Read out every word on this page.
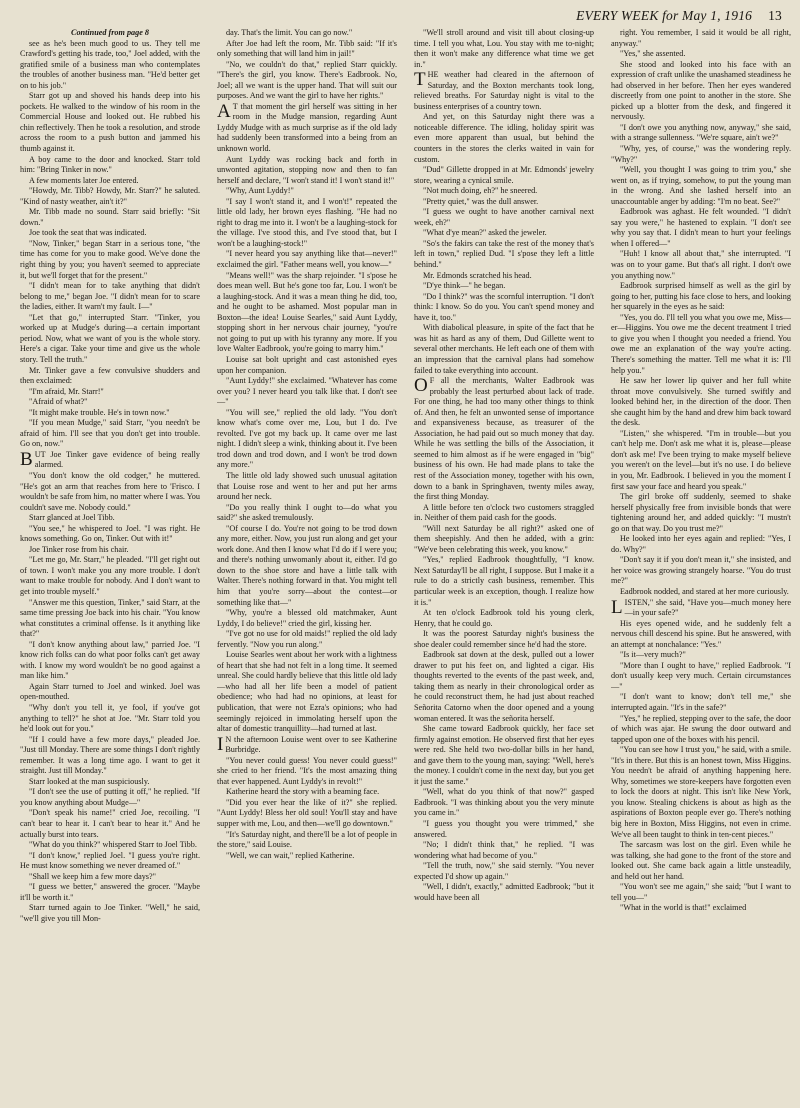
EVERY WEEK for May 1, 1916 13

Continued from page 8

see as he's been much good to us. They tell me Crawford's getting his trade, too," Joel added, with the gratified smile of a business man who contemplates the troubles of another business man. "He'd better get on to his job."

Starr got up and shoved his hands deep into his pockets. He walked to the window of his room in the Commercial House and looked out. He rubbed his chin reflectively. Then he took a resolution, and strode across the room to a push button and jammed his thumb against it.

A boy came to the door and knocked. Starr told him: "Bring Tinker in now."

A few moments later Joe entered.

"Howdy, Mr. Tibb? Howdy, Mr. Starr?" he saluted. "Kind of nasty weather, ain't it?"

Mr. Tibb made no sound. Starr said briefly: "Sit down."

Joe took the seat that was indicated.

"Now, Tinker," began Starr in a serious tone, "the time has come for you to make good. We've done the right thing by you; you haven't seemed to appreciate it, but we'll forget that for the present."

"I didn't mean for to take anything that didn't belong to me," began Joe. "I didn't mean for to scare the ladies, either. It warn't my fault. I—"

"Let that go," interrupted Starr. "Tinker, you worked up at Mudge's during—a certain important period. Now, what we want of you is the whole story. Here's a cigar. Take your time and give us the whole story. Tell the truth."

Mr. Tinker gave a few convulsive shudders and then exclaimed:

"I'm afraid, Mr. Starr!"

"Afraid of what?"

"It might make trouble. He's in town now."

"If you mean Mudge," said Starr, "you needn't be afraid of him. I'll see that you don't get into trouble. Go on, now."

BUT Joe Tinker gave evidence of being really alarmed.

"You don't know the old codger," he muttered. "He's got an arm that reaches from here to 'Frisco. I wouldn't be safe from him, no matter where I was. You couldn't save me. Nobody could."

Starr glanced at Joel Tibb.

"You see," he whispered to Joel. "I was right. He knows something. Go on, Tinker. Out with it!"

Joe Tinker rose from his chair.

"Let me go, Mr. Starr," he pleaded. "I'll get right out of town. I won't make you any more trouble. I don't want to make trouble for nobody. And I don't want to get into trouble myself."

"Answer me this question, Tinker," said Starr, at the same time pressing Joe back into his chair. "You know what constitutes a criminal offense. Is it anything like that?"

"I don't know anything about law," parried Joe. "I know rich folks can do what poor folks can't get away with. I know my word wouldn't be no good against a man like him."

Again Starr turned to Joel and winked. Joel was open-mouthed.

"Why don't you tell it, ye fool, if you've got anything to tell?" he shot at Joe. "Mr. Starr told you he'd look out for you."

"If I could have a few more days," pleaded Joe. "Just till Monday. There are some things I don't rightly remember. It was a long time ago. I want to get it straight. Just till Monday."

Starr looked at the man suspiciously.

"I don't see the use of putting it off," he replied. "If you know anything about Mudge—"

"Don't speak his name!" cried Joe, recoiling. "I can't bear to hear it. I can't bear to hear it." And he actually burst into tears.

"What do you think?" whispered Starr to Joel Tibb.

"I don't know," replied Joel. "I guess you're right. He must know something we never dreamed of."

"Shall we keep him a few more days?"

"I guess we better," answered the grocer. "Maybe it'll be worth it."

Starr turned again to Joe Tinker. "Well," he said, "we'll give you till Mon-

day. That's the limit. You can go now."

After Joe had left the room, Mr. Tibb said: "If it's only something that will land him in jail!"

"No, we couldn't do that," replied Starr quickly. "There's the girl, you know. There's Eadbrook. No, Joel; all we want is the upper hand. That will suit our purposes. And we want the girl to have her rights."

A T that moment the girl herself was sitting in her room in the Mudge mansion, regarding Aunt Lyddy Mudge with as much surprise as if the old lady had suddenly been transformed into a being from an unknown world.

Aunt Lyddy was rocking back and forth in unwonted agitation, stopping now and then to fan herself and declare, "I won't stand it! I won't stand it!"

"Why, Aunt Lyddy!"

"I say I won't stand it, and I won't!" repeated the little old lady, her brown eyes flashing. "He had no right to drag me into it. I won't be a laughing-stock for the village. I've stood this, and I've stood that, but I won't be a laughing-stock!"

"I never heard you say anything like that—never!" exclaimed the girl. "Father means well, you know—"

"Means well!" was the sharp rejoinder. "I s'pose he does mean well. But he's gone too far, Lou. I won't be a laughing-stock. And it was a mean thing he did, too, and he ought to be ashamed. Most popular man in Boxton—the idea! Louise Searles," said Aunt Lyddy, stopping short in her nervous chair journey, "you're not going to put up with his tyranny any more. If you love Walter Eadbrook, you're going to marry him."

Louise sat bolt upright and cast astonished eyes upon her companion.

"Aunt Lyddy!" she exclaimed. "Whatever has come over you? I never heard you talk like that. I don't see—"

"You will see," replied the old lady. "You don't know what's come over me, Lou, but I do. I've revolted. I've got my back up. It came over me last night. I didn't sleep a wink, thinking about it. I've been trod down and trod down, and I won't be trod down any more."

The little old lady showed such unusual agitation that Louise rose and went to her and put her arms around her neck.

"Do you really think I ought to—do what you said?" she asked tremulously.

"Of course I do. You're not going to be trod down any more, either. Now, you just run along and get your work done. And then I know what I'd do if I were you; and there's nothing unwomanly about it, either. I'd go down to the shoe store and have a little talk with Walter. There's nothing forward in that. You might tell him that you're sorry—about the contest—or something like that—"

"Why, you're a blessed old matchmaker, Aunt Lyddy, I do believe!" cried the girl, kissing her.

"I've got no use for old maids!" replied the old lady fervently. "Now you run along."

Louise Searles went about her work with a lightness of heart that she had not felt in a long time. It seemed unreal. She could hardly believe that this little old lady—who had all her life been a model of patient obedience; who had had no opinions, at least for publication, that were not Ezra's opinions; who had seemingly rejoiced in immolating herself upon the altar of domestic tranquillity—had turned at last.

I N the afternoon Louise went over to see Katherine Burbridge.

"You never could guess! You never could guess!" she cried to her friend. "It's the most amazing thing that ever happened. Aunt Lyddy's in revolt!"

Katherine heard the story with a beaming face.

"Did you ever hear the like of it?" she replied. "Aunt Lyddy! Bless her old soul! You'll stay and have supper with me, Lou, and then—we'll go downtown."

"It's Saturday night, and there'll be a lot of people in the store," said Louise.

"Well, we can wait," replied Katherine.

"We'll stroll around and visit till about closing-up time. I tell you what, Lou. You stay with me to-night; then it won't make any difference what time we get in."

THE weather had cleared in the afternoon of Saturday, and the Boxton merchants took long, relieved breaths. For Saturday night is vital to the business enterprises of a country town.

And yet, on this Saturday night there was a noticeable difference. The idling, holiday spirit was even more apparent than usual, but behind the counters in the stores the clerks waited in vain for custom.

"Dud" Gillette dropped in at Mr. Edmonds' jewelry store, wearing a cynical smile.

"Not much doing, eh?" he sneered.

"Pretty quiet," was the dull answer.

"I guess we ought to have another carnival next week, eh?"

"What d'ye mean?" asked the jeweler.

"So's the fakirs can take the rest of the money that's left in town," replied Dud. "I s'pose they left a little behind."

Mr. Edmonds scratched his head.

"D'ye think—" he began.

"Do I think?" was the scornful interruption. "I don't think: I know. So do you. You can't spend money and have it, too."

With diabolical pleasure, in spite of the fact that he was hit as hard as any of them, Dud Gillette went to several other merchants. He left each one of them with an impression that the carnival plans had somehow failed to take everything into account.

O F all the merchants, Walter Eadbrook was probably the least perturbed about lack of trade. For one thing, he had too many other things to think of. And then, he felt an unwonted sense of importance and expansiveness because, as treasurer of the Association, he had paid out so much money that day. While he was settling the bills of the Association, it seemed to him almost as if he were engaged in "big" business of his own. He had made plans to take the rest of the Association money, together with his own, down to a bank in Springhaven, twenty miles away, the first thing Monday.

A little before ten o'clock two customers straggled in. Neither of them paid cash for the goods.

"Will next Saturday be all right?" asked one of them sheepishly. And then he added, with a grin: "We've been celebrating this week, you know."

"Yes," replied Eadbrook thoughtfully, "I know. Next Saturday'll be all right, I suppose. But I make it a rule to do a strictly cash business, remember. This particular week is an exception, though. I realize how it is."

At ten o'clock Eadbrook told his young clerk, Henry, that he could go.

It was the poorest Saturday night's business the shoe dealer could remember since he'd had the store.

Eadbrook sat down at the desk, pulled out a lower drawer to put his feet on, and lighted a cigar. His thoughts reverted to the events of the past week, and, taking them as nearly in their chronological order as he could reconstruct them, he had just about reached Señorita Catorno when the door opened and a young woman entered. It was the señorita herself.

She came toward Eadbrook quickly, her face set firmly against emotion. He observed first that her eyes were red. She held two two-dollar bills in her hand, and gave them to the young man, saying: "Well, here's the money. I couldn't come in the next day, but you get it just the same."

"Well, what do you think of that now?" gasped Eadbrook. "I was thinking about you the very minute you came in."

"I guess you thought you were trimmed," she answered.

"No; I didn't think that," he replied. "I was wondering what had become of you."

"Tell the truth, now," she said sternly. "You never expected I'd show up again."

"Well, I didn't, exactly," admitted Eadbrook; "but it would have been all

right. You remember, I said it would be all right, anyway."

"Yes," she assented.

She stood and looked into his face with an expression of craft unlike the unashamed steadiness he had observed in her before. Then her eyes wandered discreetly from one point to another in the store. She picked up a blotter from the desk, and fingered it nervously.

"I don't owe you anything now, anyway," she said, with a strange sullenness. "We're square, ain't we?"

"Why, yes, of course," was the wondering reply. "Why?"

"Well, you thought I was going to trim you," she went on, as if trying, somehow, to put the young man in the wrong. And she lashed herself into an unaccountable anger by adding: "I'm no beat. See?"

Eadbrook was aghast. He felt wounded. "I didn't say you were," he hastened to explain. "I don't see why you say that. I didn't mean to hurt your feelings when I offered—"

"Huh! I know all about that," she interrupted. "I was on to your game. But that's all right. I don't owe you anything now."

Eadbrook surprised himself as well as the girl by going to her, putting his face close to hers, and looking her squarely in the eyes as he said:

"Yes, you do. I'll tell you what you owe me, Miss—er—Higgins. You owe me the decent treatment I tried to give you when I thought you needed a friend. You owe me an explanation of the way you're acting. There's something the matter. Tell me what it is: I'll help you."

He saw her lower lip quiver and her full white throat move convulsively. She turned swiftly and looked behind her, in the direction of the door. Then she caught him by the hand and drew him back toward the desk.

"Listen," she whispered. "I'm in trouble—but you can't help me. Don't ask me what it is, please—please don't ask me! I've been trying to make myself believe you weren't on the level—but it's no use. I do believe in you, Mr. Eadbrook. I believed in you the moment I first saw your face and heard you speak."

The girl broke off suddenly, seemed to shake herself physically free from invisible bonds that were tightening around her, and added quickly: "I mustn't go on that way. Do you trust me?"

He looked into her eyes again and replied: "Yes, I do. Why?"

"Don't say it if you don't mean it," she insisted, and her voice was growing strangely hoarse. "You do trust me?"

Eadbrook nodded, and stared at her more curiously.

LISTEN," she said, "Have you—much money here—in your safe?"

His eyes opened wide, and he suddenly felt a nervous chill descend his spine. But he answered, with an attempt at nonchalance: "Yes."

"Is it—very much?"

"More than I ought to have," replied Eadbrook. "I don't usually keep very much. Certain circumstances—"

"I don't want to know; don't tell me," she interrupted again. "It's in the safe?"

"Yes," he replied, stepping over to the safe, the door of which was ajar. He swung the door outward and tapped upon one of the boxes with his pencil.

"You can see how I trust you," he said, with a smile. "It's in there. But this is an honest town, Miss Higgins. You needn't be afraid of anything happening here. Why, sometimes we store-keepers have forgotten even to lock the doors at night. This isn't like New York, you know. Stealing chickens is about as high as the aspirations of Boxton people ever go. There's nothing big here in Boxton, Miss Higgins, not even in crime. We've all been taught to think in ten-cent pieces."

The sarcasm was lost on the girl. Even while he was talking, she had gone to the front of the store and looked out. She came back again a little unsteadily, and held out her hand.

"You won't see me again," she said; "but I want to tell you—"

"What in the world is that!" exclaimed
